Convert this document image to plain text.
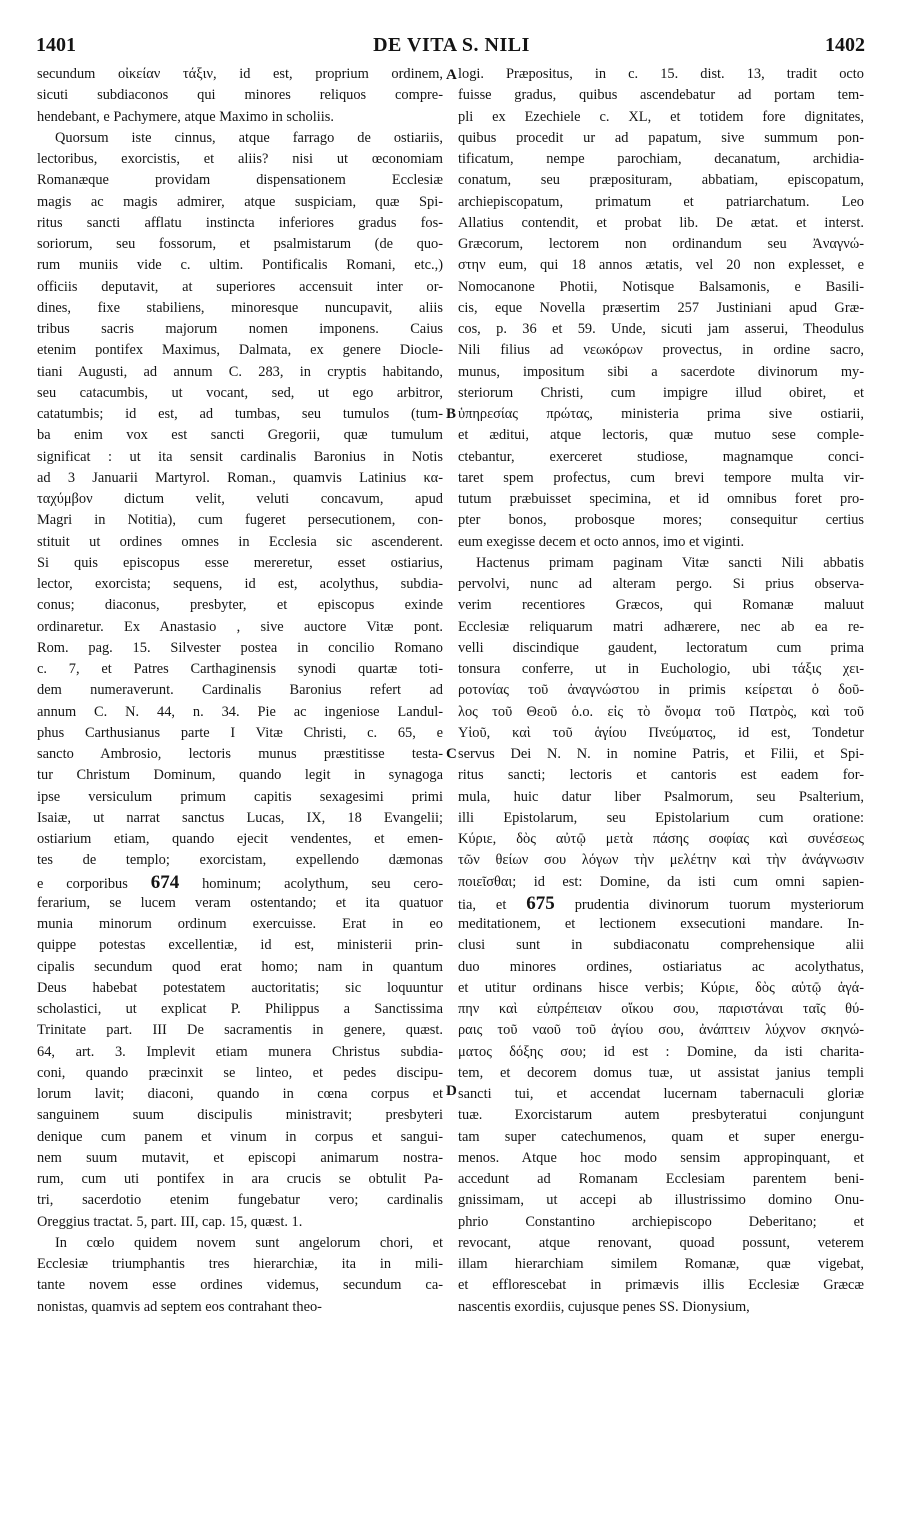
1401	DE VITA S. NILI	1402
A
B
C
D
secundum οἰκείαν τάξιν, id est, proprium ordinem,
sicuti subdiaconos qui minores reliquos compre-
hendebant, e Pachymere, atque Maximo in scholiis.
Quorsum iste cinnus, atque farrago de ostiariis,
lectoribus, exorcistis, et aliis? nisi ut œconomiam
Romanæque providam dispensationem Ecclesiæ
magis ac magis admirer, atque suspiciam, quæ Spi-
ritus sancti afflatu instincta inferiores gradus fos-
soriorum, seu fossorum, et psalmistarum (de quo-
rum muniis vide c. ultim. Pontificalis Romani, etc.,)
officiis deputavit, at superiores accensuit inter or-
dines, fixe stabiliens, minoresque nuncupavit, aliis
tribus sacris majorum nomen imponens. Caius
etenim pontifex Maximus, Dalmata, ex genere Diocle-
tiani Augusti, ad annum C. 283, in cryptis habitando,
seu catacumbis, ut vocant, sed, ut ego arbitror,
catatumbis; id est, ad tumbas, seu tumulos (tum-
ba enim vox est sancti Gregorii, quæ tumulum
significat : ut ita sensit cardinalis Baronius in Notis
ad 3 Januarii Martyrol. Roman., quamvis Latinius κα-
ταχύμβον dictum velit, veluti concavum, apud
Magri in Notitia), cum fugeret persecutionem, con-
stituit ut ordines omnes in Ecclesia sic ascenderent.
Si quis episcopus esse mereretur, esset ostiarius,
lector, exorcista; sequens, id est, acolythus, subdia-
conus; diaconus, presbyter, et episcopus exinde
ordinaretur. Ex Anastasio , sive auctore Vitæ pont.
Rom. pag. 15. Silvester postea in concilio Romano
c. 7, et Patres Carthaginensis synodi quartæ toti-
dem numeraverunt. Cardinalis Baronius refert ad
annum C. N. 44, n. 34. Pie ac ingeniose Landul-
phus Carthusianus parte I Vitæ Christi, c. 65, e
sancto Ambrosio, lectoris munus præstitisse testa-
tur Christum Dominum, quando legit in synagoga
ipse versiculum primum capitis sexagesimi primi
Isaiæ, ut narrat sanctus Lucas, IX, 18 Evangelii;
ostiarium etiam, quando ejecit vendentes, et emen-
tes de templo; exorcistam, expellendo dæmonas
e corporibus 674 hominum; acolythum, seu cero-
ferarium, se lucem veram ostentando; et ita quatuor
munia minorum ordinum exercuisse. Erat in eo
quippe potestas excellentiæ, id est, ministerii prin-
cipalis secundum quod erat homo; nam in quantum
Deus habebat potestatem auctoritatis; sic loquuntur
scholastici, ut explicat P. Philippus a Sanctissima
Trinitate part. III De sacramentis in genere, quæst.
64, art. 3. Implevit etiam munera Christus subdia-
coni, quando præcinxit se linteo, et pedes discipu-
lorum lavit; diaconi, quando in cœna corpus et
sanguinem suum discipulis ministravit; presbyteri
denique cum panem et vinum in corpus et sangui-
nem suum mutavit, et episcopi animarum nostra-
rum, cum uti pontifex in ara crucis se obtulit Pa-
tri, sacerdotio etenim fungebatur vero; cardinalis
Oreggius tractat. 5, part. III, cap. 15, quæst. 1.
In cœlo quidem novem sunt angelorum chori, et
Ecclesiæ triumphantis tres hierarchiæ, ita in mili-
tante novem esse ordines videmus, secundum ca-
nonistas, quamvis ad septem eos contrahant theo-
logi. Præpositus, in c. 15. dist. 13, tradit octo
fuisse gradus, quibus ascendebatur ad portam tem-
pli ex Ezechiele c. XL, et totidem fore dignitates,
quibus procedit ur ad papatum, sive summum pon-
tificatum, nempe parochiam, decanatum, archidia-
conatum, seu præposituram, abbatiam, episcopatum,
archiepiscopatum, primatum et patriarchatum. Leo
Allatius contendit, et probat lib. De ætat. et interst.
Græcorum, lectorem non ordinandum seu Ἀναγνώ-
στην eum, qui 18 annos ætatis, vel 20 non explesset, e
Nomocanone Photii, Notisque Balsamonis, e Basili-
cis, eque Novella præsertim 257 Justiniani apud Græ-
cos, p. 36 et 59. Unde, sicuti jam asserui, Theodulus
Nili filius ad νεωκόρων provectus, in ordine sacro,
munus, impositum sibi a sacerdote divinorum my-
steriorum Christi, cum impigre illud obiret, et
ὑπηρεσίας πρώτας, ministeria prima sive ostiarii,
et æditui, atque lectoris, quæ mutuo sese comple-
ctebantur, exerceret studiose, magnamque conci-
taret spem profectus, cum brevi tempore multa vir-
tutum præbuisset specimina, et id omnibus foret pro-
pter bonos, probosque mores; consequitur certius
eum exegisse decem et octo annos, imo et viginti.
Hactenus primam paginam Vitæ sancti Nili abbatis
pervolvi, nunc ad alteram pergo. Si prius observa-
verim recentiores Græcos, qui Romanæ maluut
Ecclesiæ reliquarum matri adhærere, nec ab ea re-
velli discindique gaudent, lectoratum cum prima
tonsura conferre, ut in Euchologio, ubi τάξις χει-
ροτονίας τοῦ ἀναγνώστου in primis κείρεται ὁ δοῦ-
λος τοῦ Θεοῦ ὁ.ο. εἰς τὸ ὄνομα τοῦ Πατρὸς, καὶ τοῦ
Υἱοῦ, καὶ τοῦ ἁγίου Πνεύματος, id est, Tondetur
servus Dei N. N. in nomine Patris, et Filii, et Spi-
ritus sancti; lectoris et cantoris est eadem for-
mula, huic datur liber Psalmorum, seu Psalterium,
illi Epistolarum, seu Epistolarium cum oratione:
Κύριε, δὸς αὐτῷ μετὰ πάσης σοφίας καὶ συνέσεως
τῶν θείων σου λόγων τὴν μελέτην καὶ τὴν ἀνάγνωσιν
ποιεῖσθαι; id est: Domine, da isti cum omni sapien-
tia, et 675 prudentia divinorum tuorum mysteriorum
meditationem, et lectionem exsecutioni mandare. In-
clusi sunt in subdiaconatu comprehensique alii
duo minores ordines, ostiariatus ac acolythatus,
et utitur ordinans hisce verbis; Κύριε, δὸς αὐτῷ ἀγά-
πην καὶ εὐπρέπειαν οἴκου σου, παριστάναι ταῖς θύ-
ραις τοῦ ναοῦ τοῦ ἁγίου σου, ἀνάπτειν λύχνον σκηνώ-
ματος δόξης σου; id est : Domine, da isti charita-
tem, et decorem domus tuæ, ut assistat janius templi
sancti tui, et accendat lucernam tabernaculi gloriæ
tuæ. Exorcistarum autem presbyteratui conjungunt
tam super catechumenos, quam et super energu-
menos. Atque hoc modo sensim appropinquant, et
accedunt ad Romanam Ecclesiam parentem beni-
gnissimam, ut accepi ab illustrissimo domino Onu-
phrio Constantino archiepiscopo Deberitano; et
revocant, atque renovant, quoad possunt, veterem
illam hierarchiam similem Romanæ, quæ vigebat,
et efflorescebat in primævis illis Ecclesiæ Græcæ
nascentis exordiis, cujusque penes SS. Dionysium,
